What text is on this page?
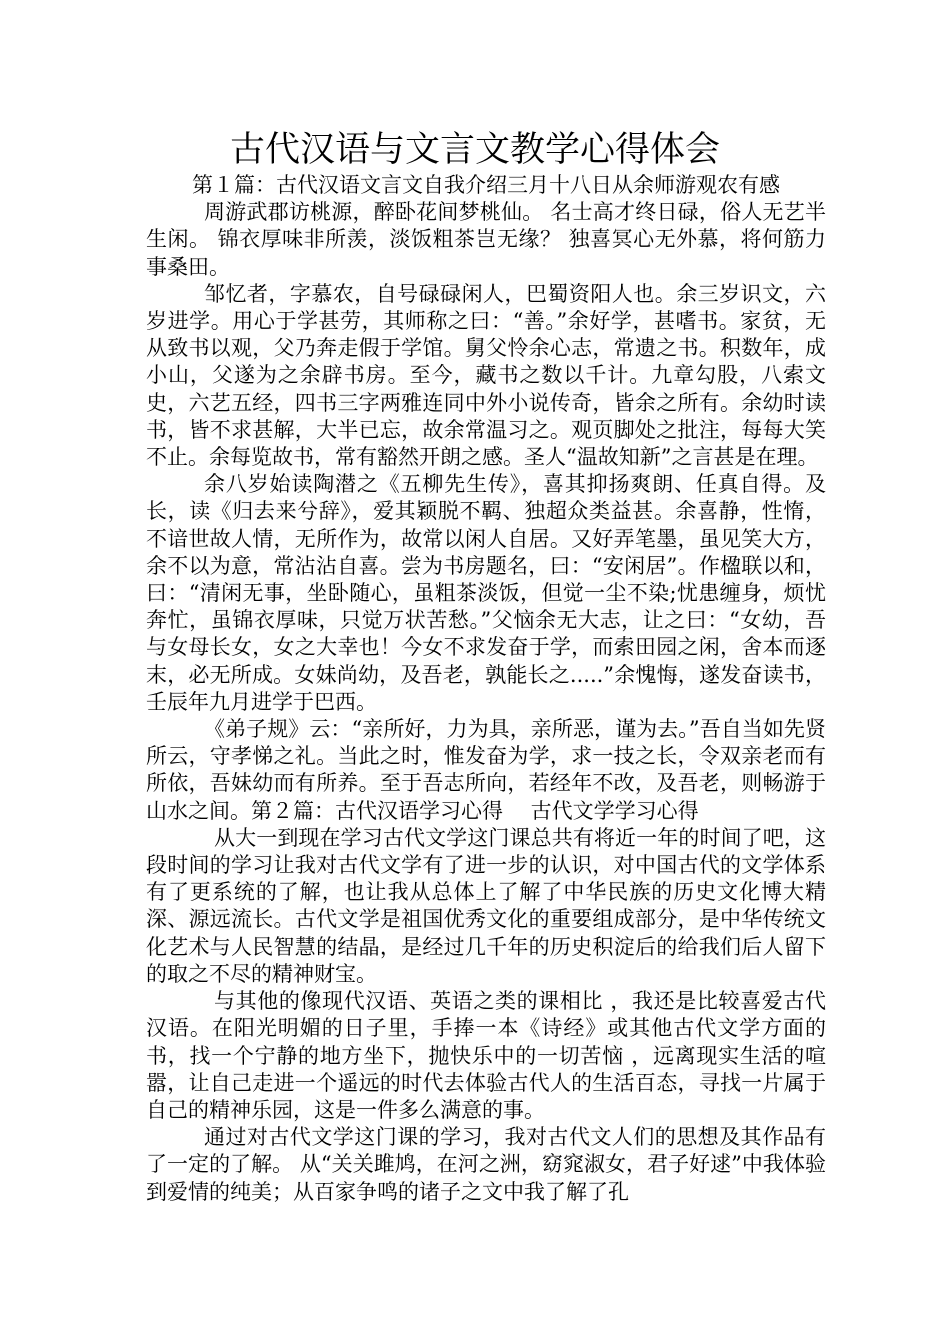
古代汉语与文言文教学心得体会

第１篇：古代汉语文言文自我介绍三月十八日从余师游观农有感

周游武郡访桃源，醉卧花间梦桃仙。 名士高才终日碌，俗人无艺半生闲。 锦衣厚味非所羡，淡饭粗茶岂无缘？ 独喜冥心无外慕，将何筋力事桑田。

邹忆者，字慕农，自号碌碌闲人，巴蜀资阳人也。余三岁识文，六岁进学。用心于学甚劳，其师称之曰：“善。”余好学，甚嗜书。家贫，无从致书以观，父乃奔走假于学馆。舅父怜余心志，常遗之书。积数年，成小山，父遂为之余辟书房。至今，藏书之数以千计。九章勾股，八索文史，六艺五经，四书三字两雅连同中外小说传奇，皆余之所有。余幼时读书，皆不求甚解，大半已忘，故余常温习之。观页脚处之批注，每每大笑不止。余每览故书，常有豁然开朗之感。圣人“温故知新”之言甚是在理。

余八岁始读陶潜之《五柳先生传》，喜其抑扬爽朗、任真自得。及长，读《归去来兮辞》，爱其颖脱不羁、独超众类益甚。余喜静，性惰，不谙世故人情，无所作为，故常以闲人自居。又好弄笔墨，虽见笑大方，余不以为意，常沾沾自喜。尝为书房题名，曰：“安闲居”。作楹联以和，曰：“清闲无事，坐卧随心，虽粗茶淡饭，但觉一尘不染;忧患缠身，烦忧奔忙，虽锦衣厚味，只觉万状苦愁。”父恼余无大志，让之曰：“女幼，吾与女母长女，女之大幸也！今女不求发奋于学，而索田园之闲，舍本而逐末，必无所成。女妹尚幼，及吾老，孰能长之.....”余愧悔，遂发奋读书，壬辰年九月进学于巴西。

《弟子规》云：“亲所好，力为具，亲所恶，谨为去。”吾自当如先贤所云，守孝悌之礼。当此之时，惟发奋为学，求一技之长，令双亲老而有所依，吾妹幼而有所养。至于吾志所向，若经年不改，及吾老，则畅游于山水之间。第２篇：古代汉语学习心得　 古代文学学习心得

从大一到现在学习古代文学这门课总共有将近一年的时间了吧，这段时间的学习让我对古代文学有了进一步的认识，对中国古代的文学体系有了更系统的了解，也让我从总体上了解了中华民族的历史文化博大精深、源远流长。古代文学是祖国优秀文化的重要组成部分，是中华传统文化艺术与人民智慧的结晶，是经过几千年的历史积淀后的给我们后人留下的取之不尽的精神财宝。

与其他的像现代汉语、英语之类的课相比 ，我还是比较喜爱古代汉语。在阳光明媚的日子里，手捧一本《诗经》或其他古代文学方面的书，找一个宁静的地方坐下，抛快乐中的一切苦恼 ，远离现实生活的喧嚣，让自己走进一个遥远的时代去体验古代人的生活百态，寻找一片属于自己的精神乐园，这是一件多么满意的事。

通过对古代文学这门课的学习，我对古代文人们的思想及其作品有了一定的了解。 从“关关雎鸠，在河之洲，窈窕淑女，君子好逑”中我体验到爱情的纯美；从百家争鸣的诸子之文中我了解了孔
